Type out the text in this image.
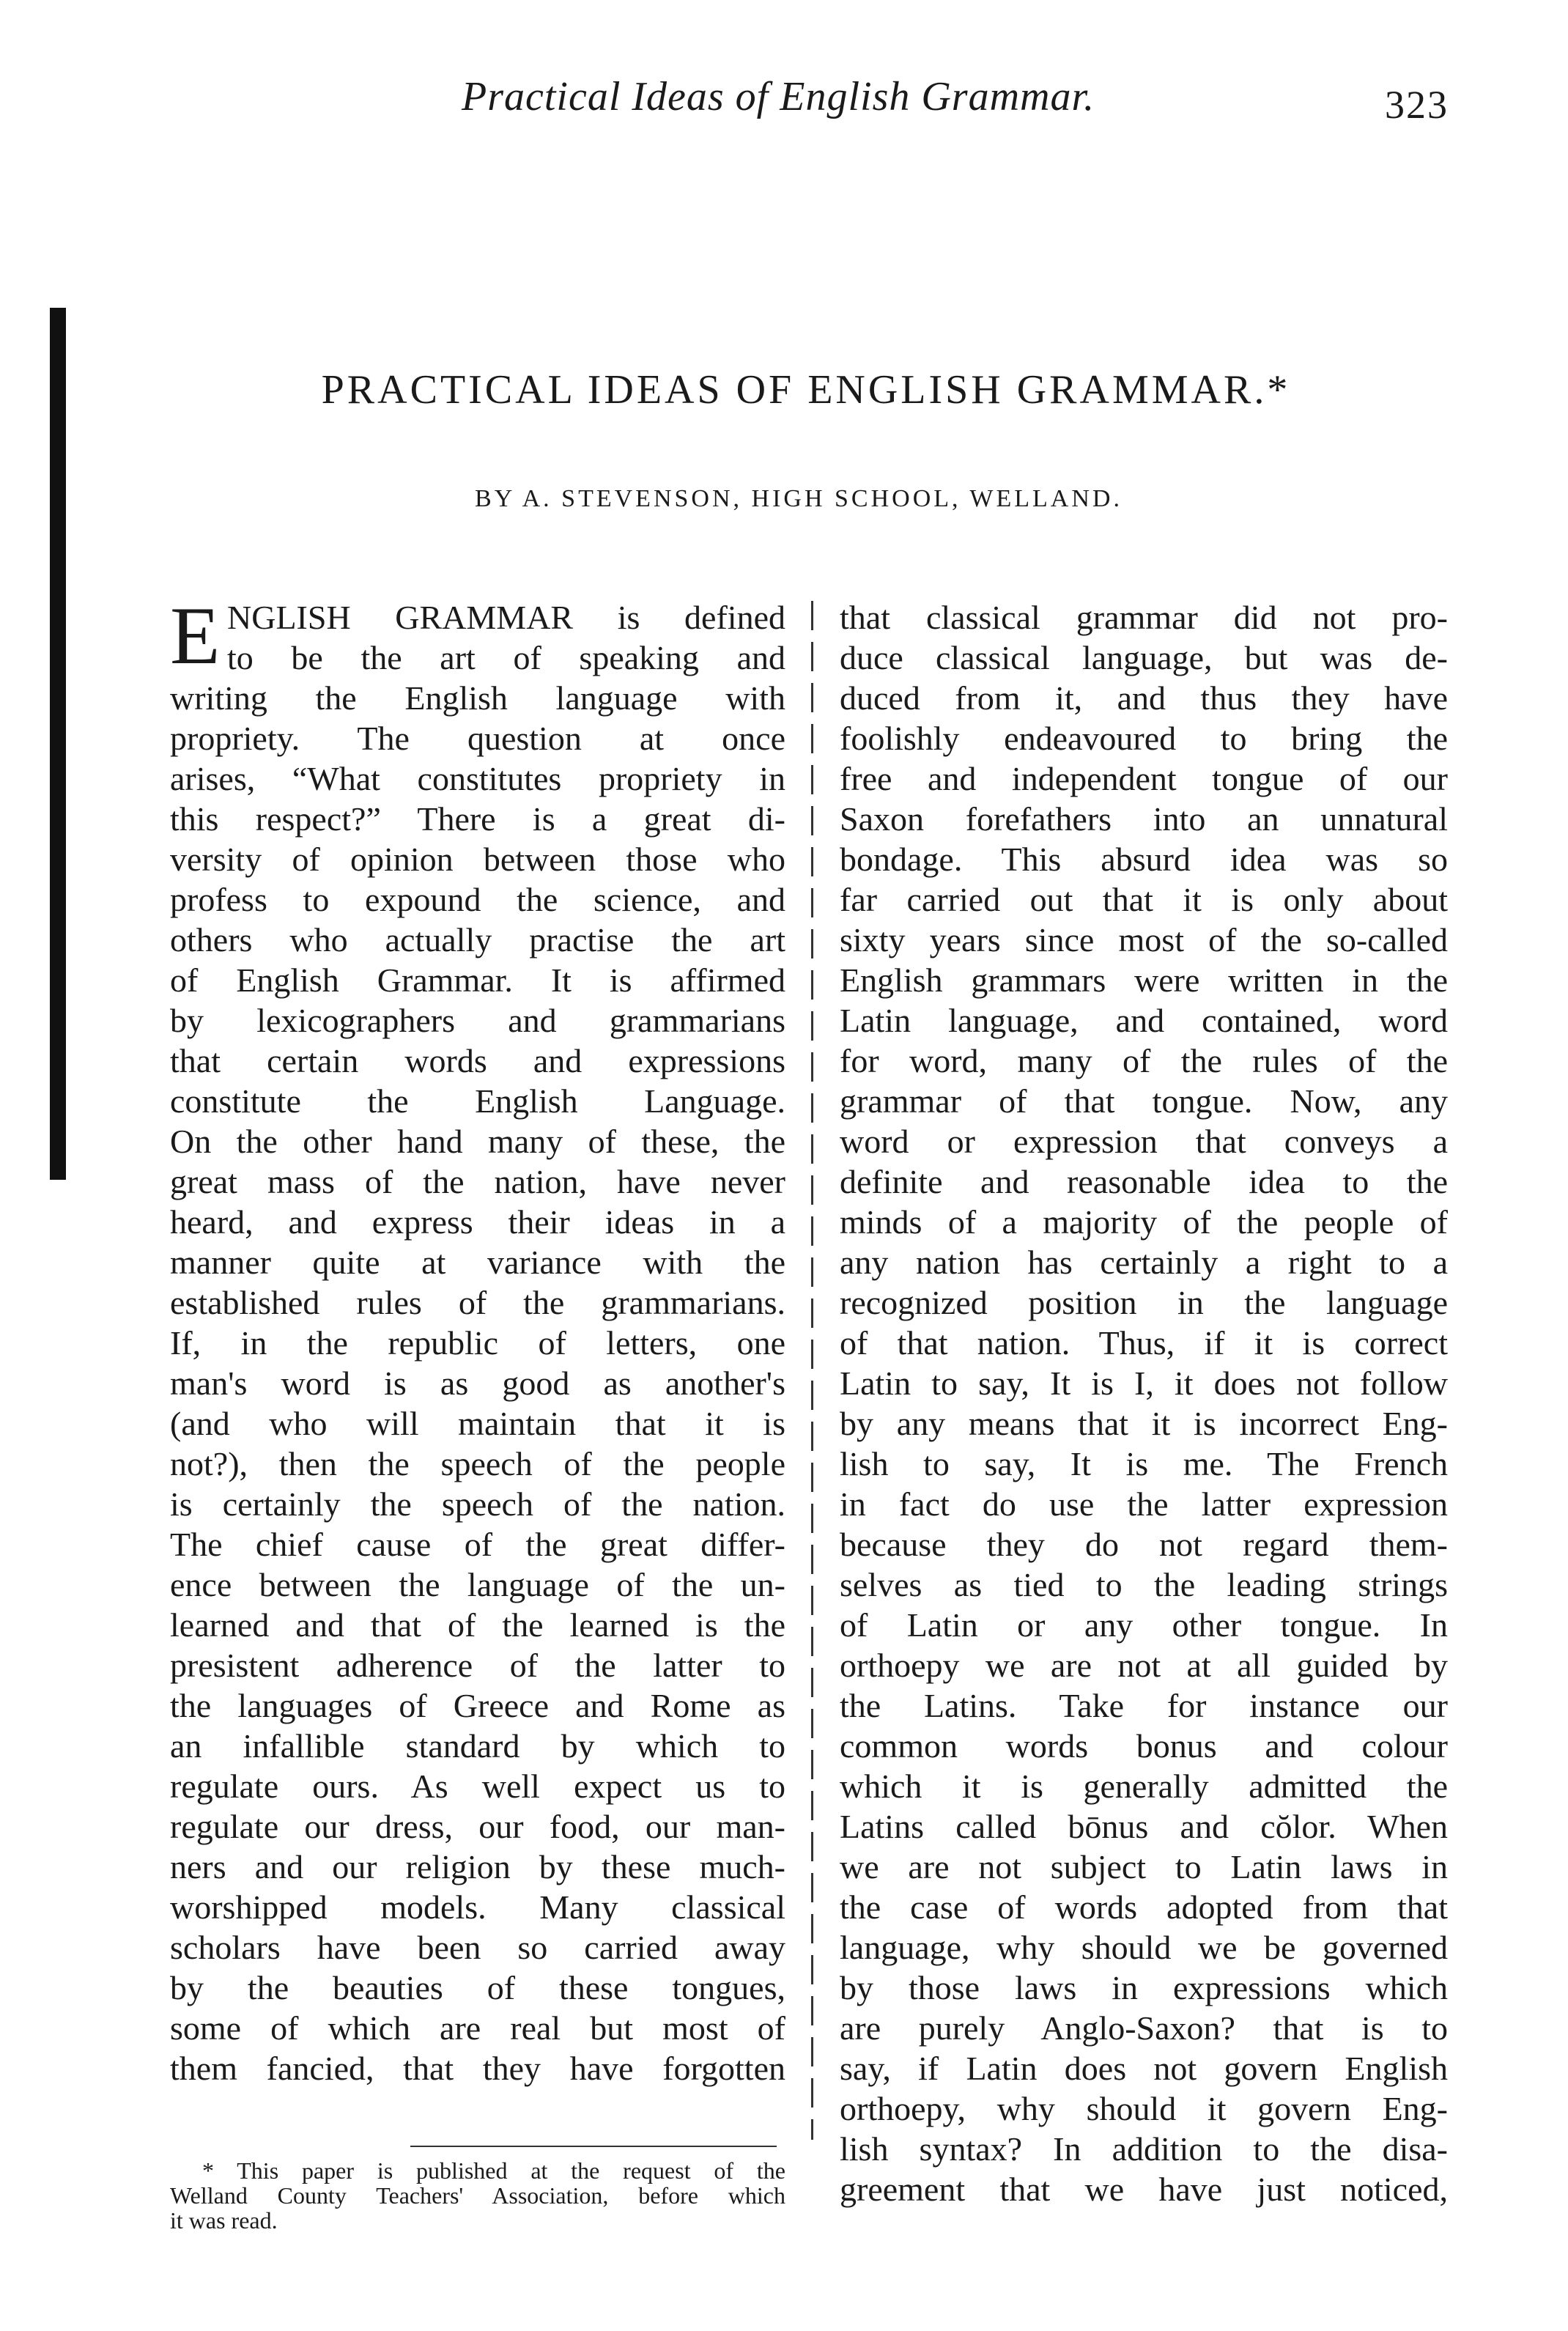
Practical Ideas of English Grammar.	323
PRACTICAL IDEAS OF ENGLISH GRAMMAR.*
BY A. STEVENSON, HIGH SCHOOL, WELLAND.
E NGLISH GRAMMAR is defined
to be the art of speaking and
writing the English language with
propriety. The question at once
arises, “What constitutes propriety in
this respect?” There is a great di-
versity of opinion between those who
profess to expound the science, and
others who actually practise the art
of English Grammar. It is affirmed
by lexicographers and grammarians
that certain words and expressions
constitute the English Language.
On the other hand many of these, the
great mass of the nation, have never
heard, and express their ideas in a
manner quite at variance with the
established rules of the grammarians.
If, in the republic of letters, one
man's word is as good as another's
(and who will maintain that it is
not?), then the speech of the people
is certainly the speech of the nation.
The chief cause of the great differ-
ence between the language of the un-
learned and that of the learned is the
presistent adherence of the latter to
the languages of Greece and Rome as
an infallible standard by which to
regulate ours. As well expect us to
regulate our dress, our food, our man-
ners and our religion by these much-
worshipped models. Many classical
scholars have been so carried away
by the beauties of these tongues,
some of which are real but most of
them fancied, that they have forgotten
that classical grammar did not pro-
duce classical language, but was de-
duced from it, and thus they have
foolishly endeavoured to bring the
free and independent tongue of our
Saxon forefathers into an unnatural
bondage. This absurd idea was so
far carried out that it is only about
sixty years since most of the so-called
English grammars were written in the
Latin language, and contained, word
for word, many of the rules of the
grammar of that tongue. Now, any
word or expression that conveys a
definite and reasonable idea to the
minds of a majority of the people of
any nation has certainly a right to a
recognized position in the language
of that nation. Thus, if it is correct
Latin to say, It is I, it does not follow
by any means that it is incorrect Eng-
lish to say, It is me. The French
in fact do use the latter expression
because they do not regard them-
selves as tied to the leading strings
of Latin or any other tongue. In
orthoepy we are not at all guided by
the Latins. Take for instance our
common words bonus and colour
which it is generally admitted the
Latins called bōnus and cŏlor. When
we are not subject to Latin laws in
the case of words adopted from that
language, why should we be governed
by those laws in expressions which
are purely Anglo-Saxon? that is to
say, if Latin does not govern English
orthoepy, why should it govern Eng-
lish syntax? In addition to the disa-
greement that we have just noticed,
* This paper is published at the request of the
Welland County Teachers' Association, before which
it was read.
